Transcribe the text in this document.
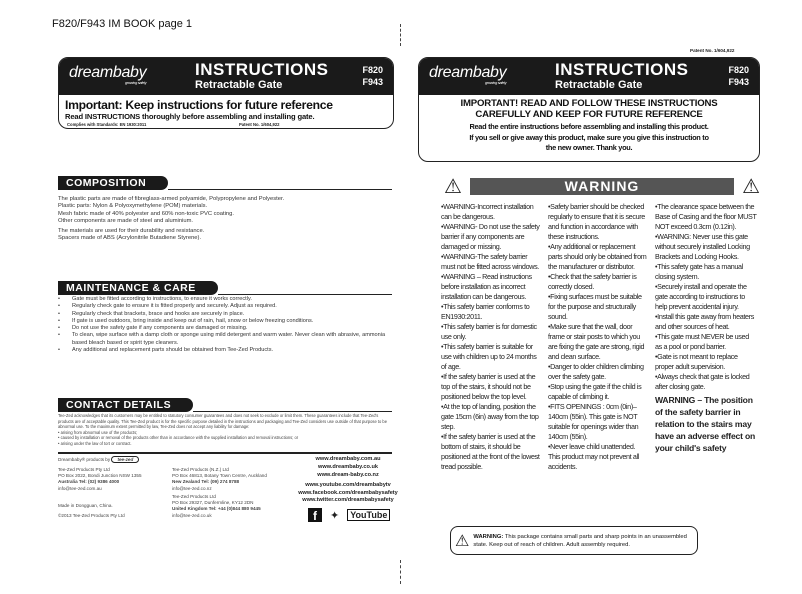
F820/F943 IM BOOK page 1
dreambaby
growing safely
INSTRUCTIONS
Retractable Gate
F820
F943
Important: Keep instructions for future reference
Read INSTRUCTIONS thoroughly before assembling and installing gate.
Complies with Standards: EN 1930:2011	Patent No. 1/604,922
COMPOSITION
The plastic parts are made of fibreglass-armed polyamide, Polypropylene and Polyester.
Plastic parts: Nylon & Polyoxymethylene (POM) materials.
Mesh fabric made of 40% polyester and 60% non-toxic PVC coating.
Other components are made of steel and aluminium.
The materials are used for their durability and resistance.
Spacers made of ABS (Acrylonitrile Butadiene Styrene).
MAINTENANCE & CARE
• Gate must be fitted according to instructions, to ensure it works correctly.
• Regularly check gate to ensure it is fitted properly and securely. Adjust as required.
• Regularly check that brackets, brace and hooks are securely in place.
• If gate is used outdoors, bring inside and keep out of rain, hail, snow or below freezing conditions.
• Do not use the safety gate if any components are damaged or missing.
• To clean, wipe surface with a damp cloth or sponge using mild detergent and warm water. Never clean with abrasive, ammonia based bleach based or spirit type cleaners.
• Any additional and replacement parts should be obtained from Tee-Zed Products.
CONTACT DETAILS
Tee-Zed acknowledges that its customers may be entitled to statutory consumer guarantees and does not seek to exclude or limit them. These guarantees include that Tee-Zed's products are of acceptable quality. This Tee-Zed product is for the specific purpose detailed in the instructions and packaging and Tee-Zed considers use outside of that purpose to be abnormal use. To the maximum extent permitted by law, Tee-Zed does not accept any liability for damage:
• arising from abnormal use of the products;
• caused by installation or removal of the products other than in accordance with the supplied installation and removal instructions; or
• arising under the law of tort or contract.
Dreambaby® products by tee-zed
Tee-Zed Products Pty Ltd
PO Box 2022, Bondi Junction NSW 1355
Australia Tel: (02) 9386 4000
info@tee-zed.com.au
Made in Dongguan, China.
©2013 Tee-Zed Products Pty Ltd
Tee-Zed Products (N.Z.) Ltd
PO Box 46813, Botany Town Centre, Auckland
New Zealand Tel: (09) 274 8788
info@tee-zed.co.nz
Tee-Zed Products Ltd
PO Box 29327, Dunfermline, KY12 2DN
United Kingdom Tel: +44 (0)844 880 9445
info@tee-zed.co.uk
www.dreambaby.com.au
www.dreambaby.co.uk
www.dream-baby.co.nz
www.youtube.com/dreambabytv
www.facebook.com/dreambabysafety
www.twitter.com/dreambabysafety
f	✦	YouTube
Patent No. 1/604,922
dreambaby
growing safely
INSTRUCTIONS
Retractable Gate
F820
F943
IMPORTANT! READ AND FOLLOW THESE INSTRUCTIONS
CAREFULLY AND KEEP FOR FUTURE REFERENCE
Read the entire instructions before assembling and installing this product.
If you sell or give away this product, make sure you give this instruction to
the new owner. Thank you.
⚠	WARNING	⚠
•WARNING-Incorrect installation can be dangerous.
•WARNING- Do not use the safety barrier if any components are damaged or missing.
•WARNING-The safety barrier must not be fitted across windows.
•WARNING – Read instructions before installation as incorrect installation can be dangerous.
•This safety barrier conforms to EN1930:2011.
•This safety barrier is for domestic use only.
•This safety barrier is suitable for use with children up to 24 months of age.
•If the safety barrier is used at the top of the stairs, it should not be positioned below the top level.
•At the top of landing, position the gate 15cm (6in) away from the top step.
•If the safety barrier is used at the bottom of stairs, it should be positioned at the front of the lowest tread possible.
•Safety barrier should be checked regularly to ensure that it is secure and function in accordance with these instructions.
•Any additional or replacement parts should only be obtained from the manufacturer or distributor.
•Check that the safety barrier is correctly closed.
•Fixing surfaces must be suitable for the purpose and structurally sound.
•Make sure that the wall, door frame or stair posts to which you are fixing the gate are strong, rigid and clean surface.
•Danger to older children climbing over the safety gate.
•Stop using the gate if the child is capable of climbing it.
•FITS OPENINGS : 0cm (0in)–140cm (55in). This gate is NOT suitable for openings wider than 140cm (55in).
•Never leave child unattended.
This product may not prevent all accidents.
•The clearance space between the Base of Casing and the floor MUST NOT exceed 0.3cm (0.12in).
•WARNING: Never use this gate without securely installed Locking Brackets and Locking Hooks.
•This safety gate has a manual closing system.
•Securely install and operate the gate according to instructions to help prevent accidental injury.
•Install this gate away from heaters and other sources of heat.
•This gate must NEVER be used as a pool or pond barrier.
•Gate is not meant to replace proper adult supervision.
•Always check that gate is locked after closing gate.
WARNING – The position of the safety barrier in relation to the stairs may have an adverse effect on your child's safety
⚠ WARNING: This package contains small parts and sharp points in an unassembled state. Keep out of reach of children. Adult assembly required.
